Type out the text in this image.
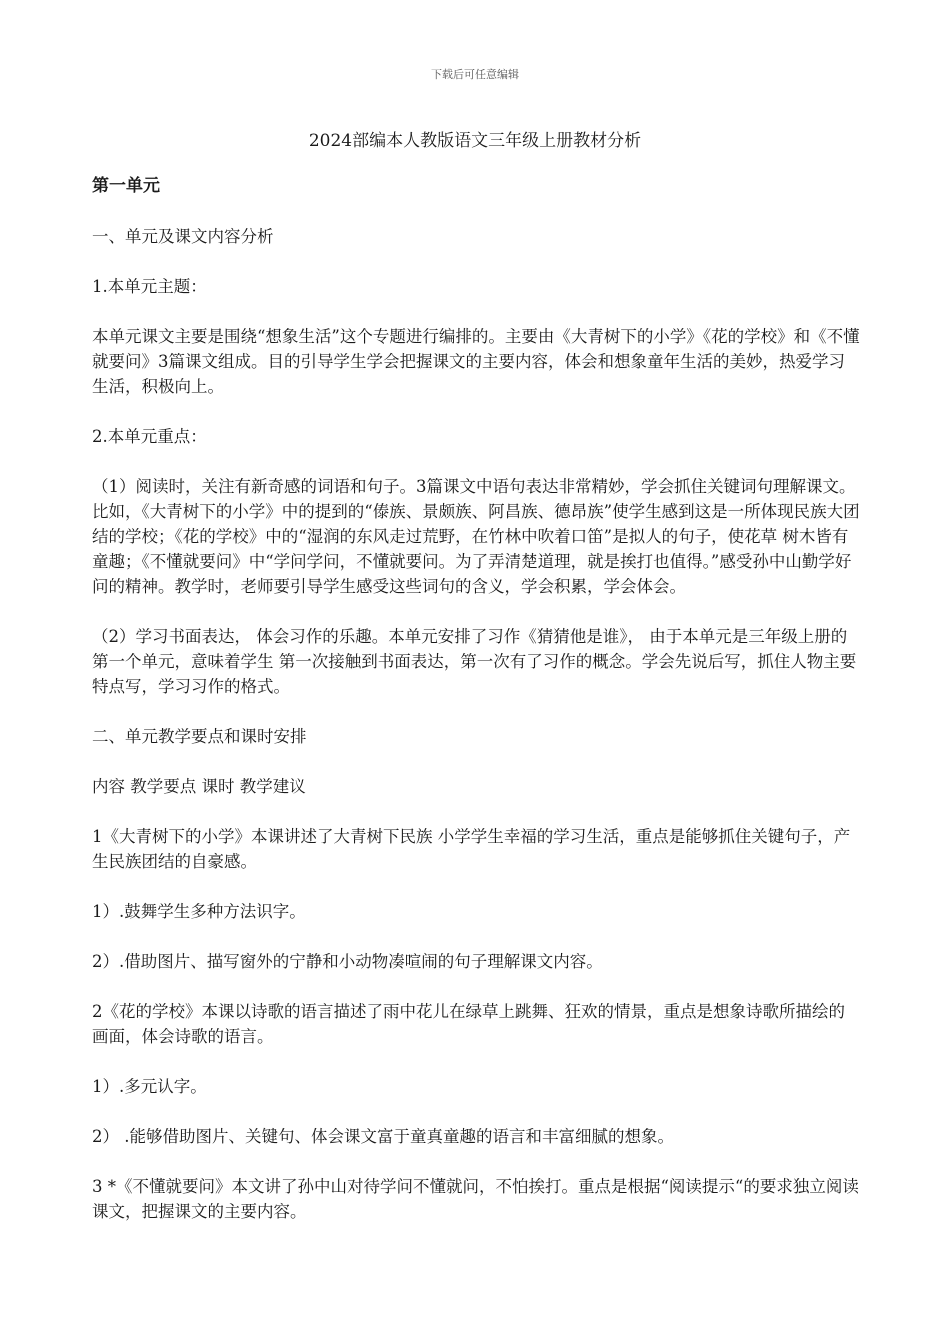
下载后可任意编辑
2024部编本人教版语文三年级上册教材分析

第一单元

一、单元及课文内容分析

1.本单元主题：

本单元课文主要是围绕“想象生活”这个专题进行编排的。主要由《大青树下的小学》《花的学校》和《不懂就要问》3篇课文组成。目的引导学生学会把握课文的主要内容，体会和想象童年生活的美妙，热爱学习生活，积极向上。

2.本单元重点：

（1）阅读时，关注有新奇感的词语和句子。3篇课文中语句表达非常精妙，学会抓住关键词句理解课文。比如，《大青树下的小学》中的提到的“傣族、景颇族、阿昌族、德昂族”使学生感到这是一所体现民族大团结的学校；《花的学校》中的“湿润的东风走过荒野，在竹林中吹着口笛”是拟人的句子，使花草 树木皆有童趣；《不懂就要问》中“学问学问，不懂就要问。为了弄清楚道理，就是挨打也值得。”感受孙中山勤学好问的精神。教学时，老师要引导学生感受这些词句的含义，学会积累，学会体会。

（2）学习书面表达， 体会习作的乐趣。本单元安排了习作《猜猜他是谁》， 由于本单元是三年级上册的第一个单元，意味着学生 第一次接触到书面表达，第一次有了习作的概念。学会先说后写，抓住人物主要特点写，学习习作的格式。

二、单元教学要点和课时安排

内容 教学要点 课时 教学建议

1《大青树下的小学》本课讲述了大青树下民族 小学学生幸福的学习生活，重点是能够抓住关键句子，产生民族团结的自豪感。

1）.鼓舞学生多种方法识字。

2）.借助图片、描写窗外的宁静和小动物凑喧闹的句子理解课文内容。

2《花的学校》本课以诗歌的语言描述了雨中花儿在绿草上跳舞、狂欢的情景，重点是想象诗歌所描绘的画面，体会诗歌的语言。

1）.多元认字。

2） .能够借助图片、关键句、体会课文富于童真童趣的语言和丰富细腻的想象。

3 *《不懂就要问》本文讲了孙中山对待学问不懂就问，不怕挨打。重点是根据“阅读提示“的要求独立阅读课文，把握课文的主要内容。
